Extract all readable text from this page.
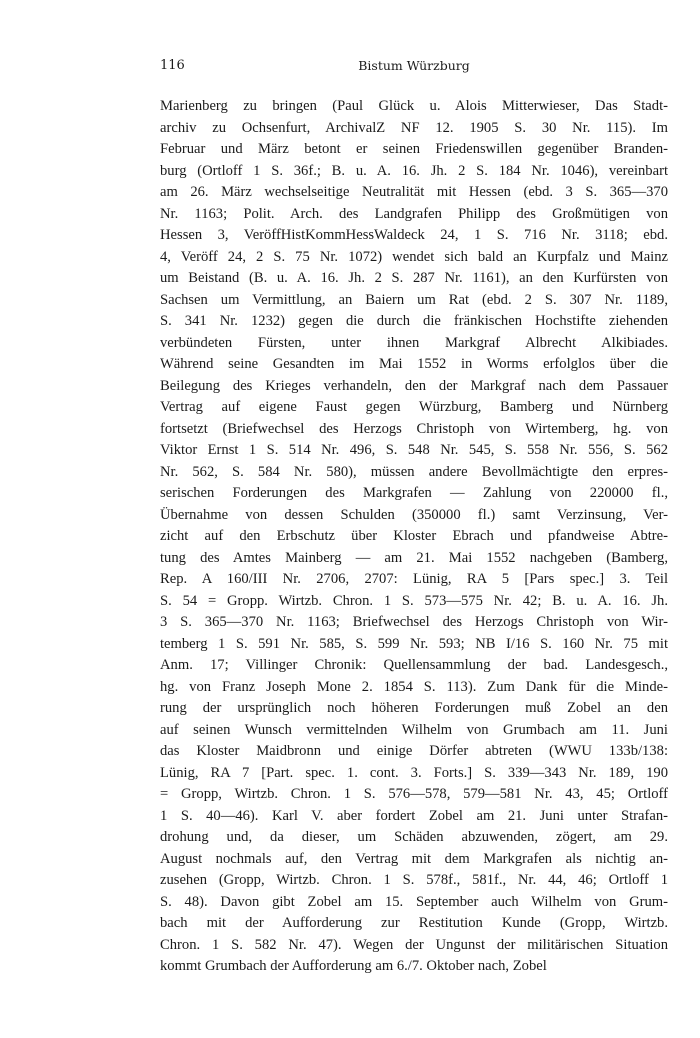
116	Bistum Würzburg
Marienberg zu bringen (Paul Glück u. Alois Mitterwieser, Das Stadt-
archiv zu Ochsenfurt, ArchivalZ NF 12. 1905 S. 30 Nr. 115). Im
Februar und März betont er seinen Friedenswillen gegenüber Branden-
burg (Ortloff 1 S. 36f.; B. u. A. 16. Jh. 2 S. 184 Nr. 1046), vereinbart
am 26. März wechselseitige Neutralität mit Hessen (ebd. 3 S. 365—370
Nr. 1163; Polit. Arch. des Landgrafen Philipp des Großmütigen von
Hessen 3, VeröffHistKommHessWaldeck 24, 1 S. 716 Nr. 3118; ebd.
4, Veröff 24, 2 S. 75 Nr. 1072) wendet sich bald an Kurpfalz und Mainz
um Beistand (B. u. A. 16. Jh. 2 S. 287 Nr. 1161), an den Kurfürsten von
Sachsen um Vermittlung, an Baiern um Rat (ebd. 2 S. 307 Nr. 1189,
S. 341 Nr. 1232) gegen die durch die fränkischen Hochstifte ziehenden
verbündeten Fürsten, unter ihnen Markgraf Albrecht Alkibiades.
Während seine Gesandten im Mai 1552 in Worms erfolglos über die
Beilegung des Krieges verhandeln, den der Markgraf nach dem Passauer
Vertrag auf eigene Faust gegen Würzburg, Bamberg und Nürnberg
fortsetzt (Briefwechsel des Herzogs Christoph von Wirtemberg, hg. von
Viktor Ernst 1 S. 514 Nr. 496, S. 548 Nr. 545, S. 558 Nr. 556, S. 562
Nr. 562, S. 584 Nr. 580), müssen andere Bevollmächtigte den erpres-
serischen Forderungen des Markgrafen — Zahlung von 220000 fl.,
Übernahme von dessen Schulden (350000 fl.) samt Verzinsung, Ver-
zicht auf den Erbschutz über Kloster Ebrach und pfandweise Abtre-
tung des Amtes Mainberg — am 21. Mai 1552 nachgeben (Bamberg,
Rep. A 160/III Nr. 2706, 2707: Lünig, RA 5 [Pars spec.] 3. Teil
S. 54 = Gropp. Wirtzb. Chron. 1 S. 573—575 Nr. 42; B. u. A. 16. Jh.
3 S. 365—370 Nr. 1163; Briefwechsel des Herzogs Christoph von Wir-
temberg 1 S. 591 Nr. 585, S. 599 Nr. 593; NB I/16 S. 160 Nr. 75 mit
Anm. 17; Villinger Chronik: Quellensammlung der bad. Landesgesch.,
hg. von Franz Joseph Mone 2. 1854 S. 113). Zum Dank für die Minde-
rung der ursprünglich noch höheren Forderungen muß Zobel an den
auf seinen Wunsch vermittelnden Wilhelm von Grumbach am 11. Juni
das Kloster Maidbronn und einige Dörfer abtreten (WWU 133b/138:
Lünig, RA 7 [Part. spec. 1. cont. 3. Forts.] S. 339—343 Nr. 189, 190
= Gropp, Wirtzb. Chron. 1 S. 576—578, 579—581 Nr. 43, 45; Ortloff
1 S. 40—46). Karl V. aber fordert Zobel am 21. Juni unter Strafan-
drohung und, da dieser, um Schäden abzuwenden, zögert, am 29.
August nochmals auf, den Vertrag mit dem Markgrafen als nichtig an-
zusehen (Gropp, Wirtzb. Chron. 1 S. 578f., 581f., Nr. 44, 46; Ortloff 1
S. 48). Davon gibt Zobel am 15. September auch Wilhelm von Grum-
bach mit der Aufforderung zur Restitution Kunde (Gropp, Wirtzb.
Chron. 1 S. 582 Nr. 47). Wegen der Ungunst der militärischen Situation
kommt Grumbach der Aufforderung am 6./7. Oktober nach, Zobel
